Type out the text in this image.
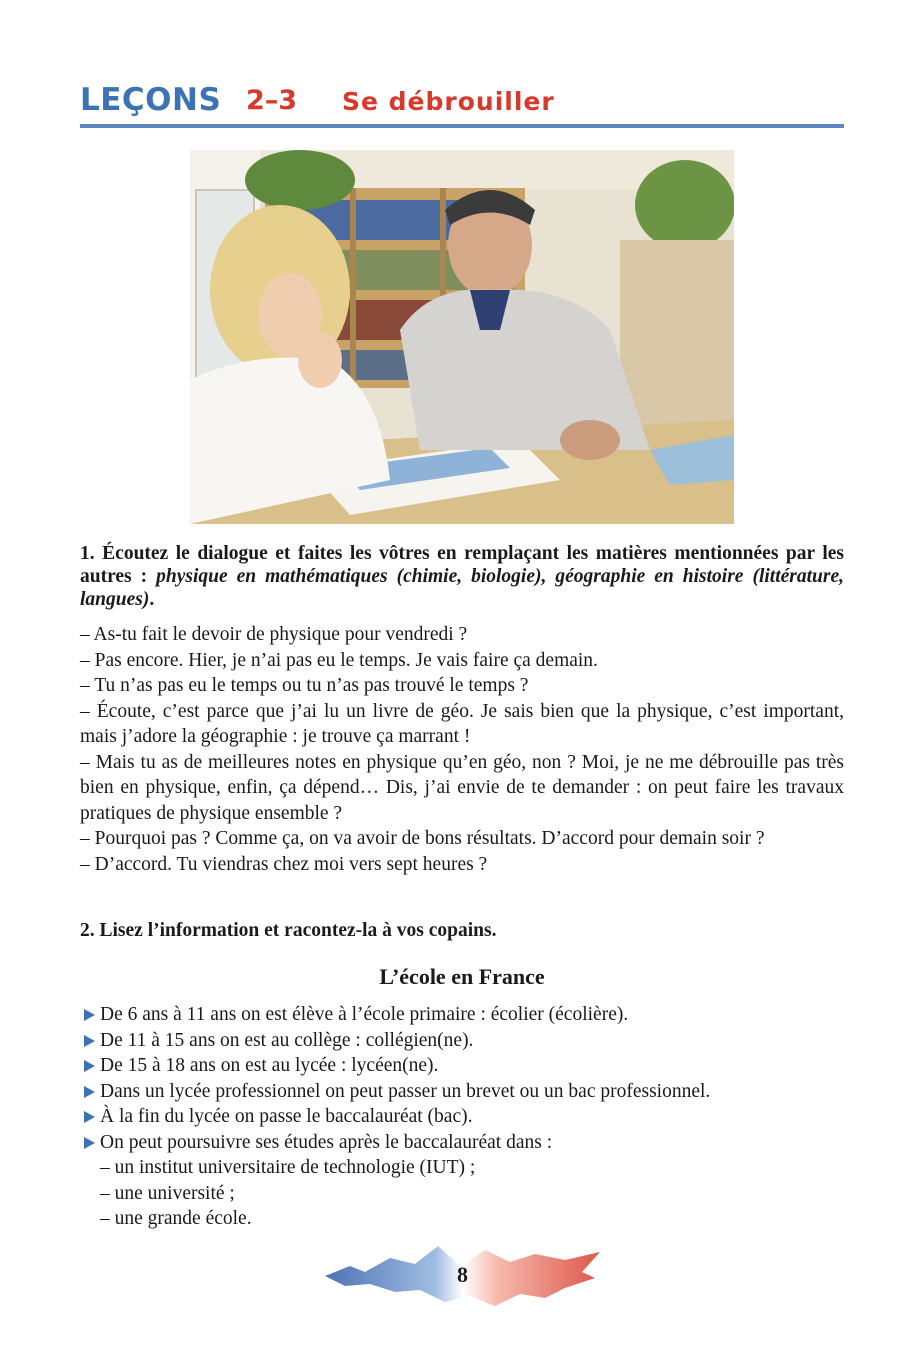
LEÇONS 2–3 Se débrouiller
1. Écoutez le dialogue et faites les vôtres en remplaçant les matières mentionnées par les autres : physique en mathématiques (chimie, biologie), géographie en histoire (littérature, langues).

– As-tu fait le devoir de physique pour vendredi ?

– Pas encore. Hier, je n’ai pas eu le temps. Je vais faire ça demain.

– Tu n’as pas eu le temps ou tu n’as pas trouvé le temps ?

– Écoute, c’est parce que j’ai lu un livre de géo. Je sais bien que la physique, c’est important, mais j’adore la géographie : je trouve ça marrant !

– Mais tu as de meilleures notes en physique qu’en géo, non ? Moi, je ne me débrouille pas très bien en physique, enfin, ça dépend… Dis, j’ai envie de te demander : on peut faire les travaux pratiques de physique ensemble ?

– Pourquoi pas ? Comme ça, on va avoir de bons résultats. D’accord pour demain soir ?

– D’accord. Tu viendras chez moi vers sept heures ?

2. Lisez l’information et racontez-la à vos copains.
L’école en France
De 6 ans à 11 ans on est élève à l’école primaire : écolier (écolière).
De 11 à 15 ans on est au collège : collégien(ne).
De 15 à 18 ans on est au lycée : lycéen(ne).
Dans un lycée professionnel on peut passer un brevet ou un bac professionnel.
À la fin du lycée on passe le baccalauréat (bac).
On peut poursuivre ses études après le baccalauréat dans :
– un institut universitaire de technologie (IUT) ;
– une université ;
– une grande école.
8
